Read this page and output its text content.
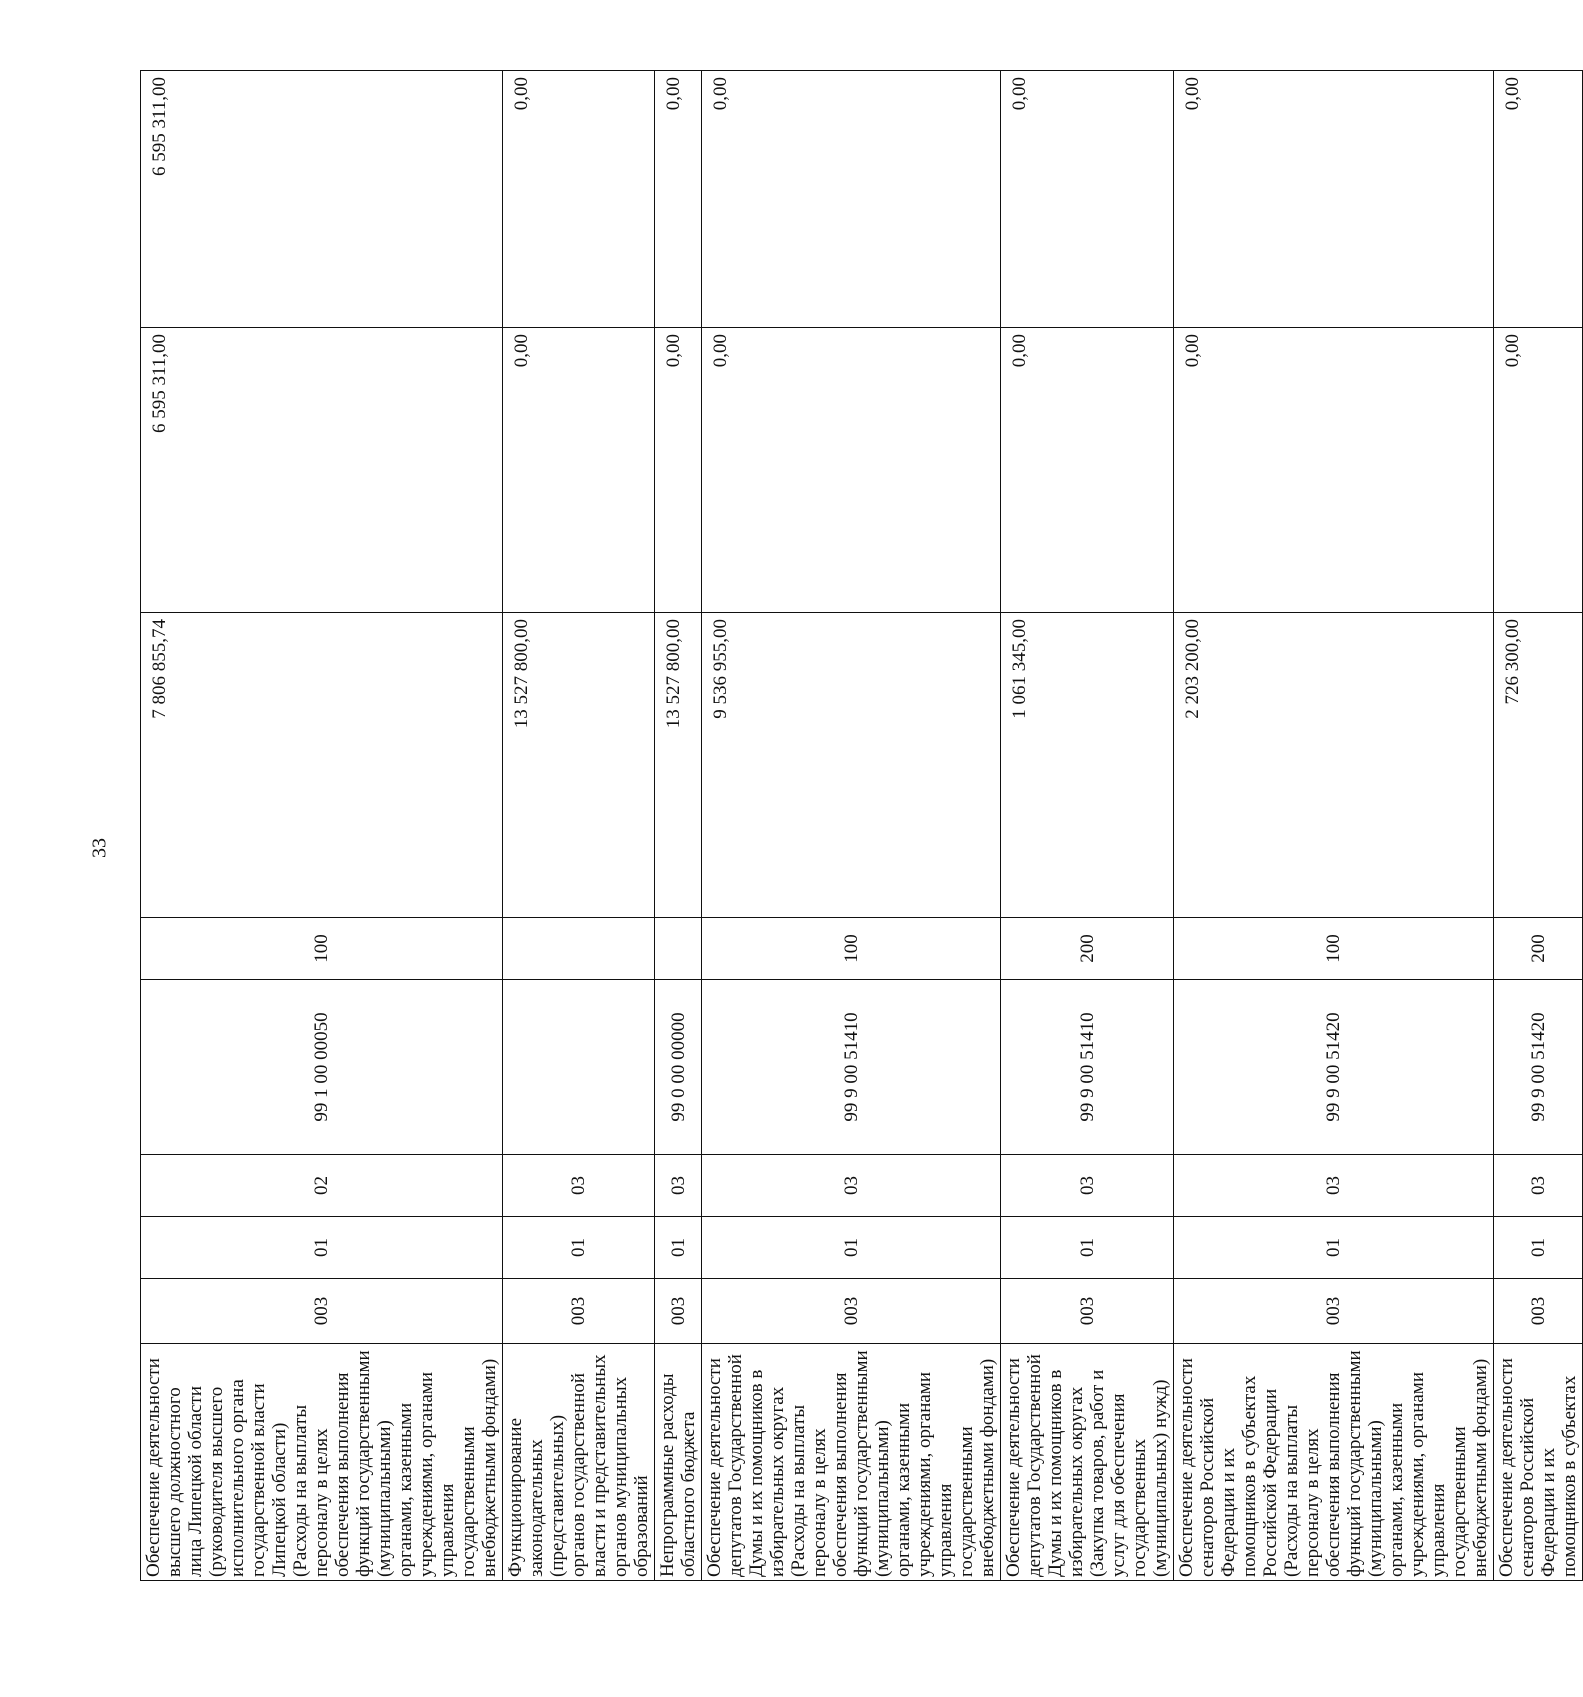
33
Обеспечение деятельности высшего должностного лица Липецкой области (руководителя высшего исполнительного органа государственной власти Липецкой области) (Расходы на выплаты персоналу в целях обеспечения выполнения функций государственными (муниципальными) органами, казенными учреждениями, органами управления государственными внебюджетными фондами)	003	01	02	99 1 00 00050	100	7 806 855,74	6 595 311,00	6 595 311,00
Функционирование законодательных (представительных) органов государственной власти и представительных органов муниципальных образований	003	01	03			13 527 800,00	0,00	0,00
Непрограммные расходы областного бюджета	003	01	03	99 0 00 00000		13 527 800,00	0,00	0,00
Обеспечение деятельности депутатов Государственной Думы и их помощников в избирательных округах (Расходы на выплаты персоналу в целях обеспечения выполнения функций государственными (муниципальными) органами, казенными учреждениями, органами управления государственными внебюджетными фондами)	003	01	03	99 9 00 51410	100	9 536 955,00	0,00	0,00
Обеспечение деятельности депутатов Государственной Думы и их помощников в избирательных округах (Закупка товаров, работ и услуг для обеспечения государственных (муниципальных) нужд)	003	01	03	99 9 00 51410	200	1 061 345,00	0,00	0,00
Обеспечение деятельности сенаторов Российской Федерации и их помощников в субъектах Российской Федерации (Расходы на выплаты персоналу в целях обеспечения выполнения функций государственными (муниципальными) органами, казенными учреждениями, органами управления государственными внебюджетными фондами)	003	01	03	99 9 00 51420	100	2 203 200,00	0,00	0,00
Обеспечение деятельности сенаторов Российской Федерации и их помощников в субъектах	003	01	03	99 9 00 51420	200	726 300,00	0,00	0,00
